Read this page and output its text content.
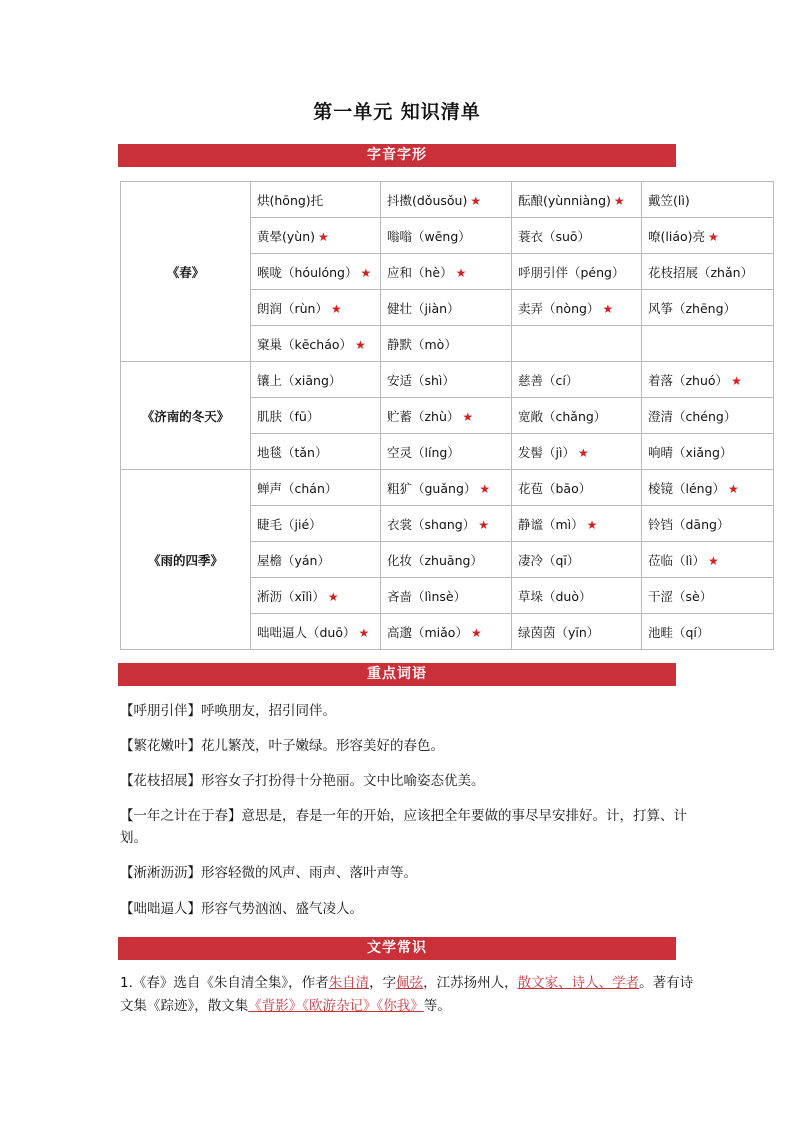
第一单元 知识清单
字音字形
《春》	烘(hōng)托	抖擞(dǒusǒu) ★	酝酿(yùnniàng) ★	戴笠(lì)
	黄晕(yùn) ★	嗡嗡（wēng）	蓑衣（suō）	嘹(liáo)亮 ★
	喉咙（hóulóng） ★	应和（hè） ★	呼朋引伴（péng）	花枝招展（zhǎn）
	朗润（rùn） ★	健壮（jiàn）	卖弄（nòng） ★	风筝（zhēng）
	窠巢（kēcháo） ★	静默（mò）		
《济南的冬天》	镶上（xiāng）	安适（shì）	慈善（cí）	着落（zhuó） ★
	肌肤（fū）	贮蓄（zhù） ★	宽敞（chǎng）	澄清（chéng）
	地毯（tǎn）	空灵（líng）	发髻（jì） ★	响晴（xiǎng）
《雨的四季》	蝉声（chán）	粗犷（guǎng） ★	花苞（bāo）	棱镜（léng） ★
	睫毛（jié）	衣裳（shɑng） ★	静谧（mì） ★	铃铛（dāng）
	屋檐（yán）	化妆（zhuāng）	凄冷（qī）	莅临（lì） ★
	淅沥（xīlì） ★	吝啬（lìnsè）	草垛（duò）	干涩（sè）
	咄咄逼人（duō） ★	高邈（miǎo） ★	绿茵茵（yīn）	池畦（qí）
重点词语
【呼朋引伴】呼唤朋友，招引同伴。
【繁花嫩叶】花儿繁茂，叶子嫩绿。形容美好的春色。
【花枝招展】形容女子打扮得十分艳丽。文中比喻姿态优美。
【一年之计在于春】意思是，春是一年的开始，应该把全年要做的事尽早安排好。计，打算、计划。
【淅淅沥沥】形容轻微的风声、雨声、落叶声等。
【咄咄逼人】形容气势汹汹、盛气凌人。
文学常识
1.《春》选自《朱自清全集》，作者朱自清，字佩弦，江苏扬州人，散文家、诗人、学者。著有诗文集《踪迹》，散文集《背影》《欧游杂记》《你我》等。
